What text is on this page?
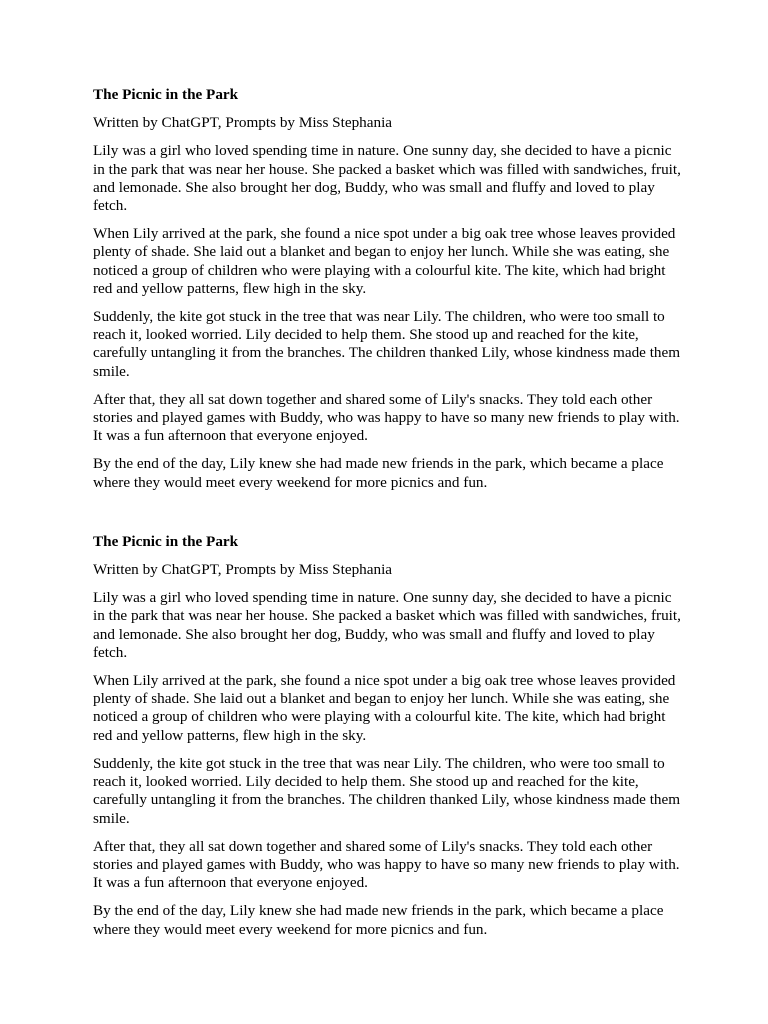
The Picnic in the Park

Written by ChatGPT, Prompts by Miss Stephania

Lily was a girl who loved spending time in nature. One sunny day, she decided to have a picnic in the park that was near her house. She packed a basket which was filled with sandwiches, fruit, and lemonade. She also brought her dog, Buddy, who was small and fluffy and loved to play fetch.

When Lily arrived at the park, she found a nice spot under a big oak tree whose leaves provided plenty of shade. She laid out a blanket and began to enjoy her lunch. While she was eating, she noticed a group of children who were playing with a colourful kite. The kite, which had bright red and yellow patterns, flew high in the sky.

Suddenly, the kite got stuck in the tree that was near Lily. The children, who were too small to reach it, looked worried. Lily decided to help them. She stood up and reached for the kite, carefully untangling it from the branches. The children thanked Lily, whose kindness made them smile.

After that, they all sat down together and shared some of Lily's snacks. They told each other stories and played games with Buddy, who was happy to have so many new friends to play with. It was a fun afternoon that everyone enjoyed.

By the end of the day, Lily knew she had made new friends in the park, which became a place where they would meet every weekend for more picnics and fun.

The Picnic in the Park

Written by ChatGPT, Prompts by Miss Stephania

Lily was a girl who loved spending time in nature. One sunny day, she decided to have a picnic in the park that was near her house. She packed a basket which was filled with sandwiches, fruit, and lemonade. She also brought her dog, Buddy, who was small and fluffy and loved to play fetch.

When Lily arrived at the park, she found a nice spot under a big oak tree whose leaves provided plenty of shade. She laid out a blanket and began to enjoy her lunch. While she was eating, she noticed a group of children who were playing with a colourful kite. The kite, which had bright red and yellow patterns, flew high in the sky.

Suddenly, the kite got stuck in the tree that was near Lily. The children, who were too small to reach it, looked worried. Lily decided to help them. She stood up and reached for the kite, carefully untangling it from the branches. The children thanked Lily, whose kindness made them smile.

After that, they all sat down together and shared some of Lily's snacks. They told each other stories and played games with Buddy, who was happy to have so many new friends to play with. It was a fun afternoon that everyone enjoyed.

By the end of the day, Lily knew she had made new friends in the park, which became a place where they would meet every weekend for more picnics and fun.
